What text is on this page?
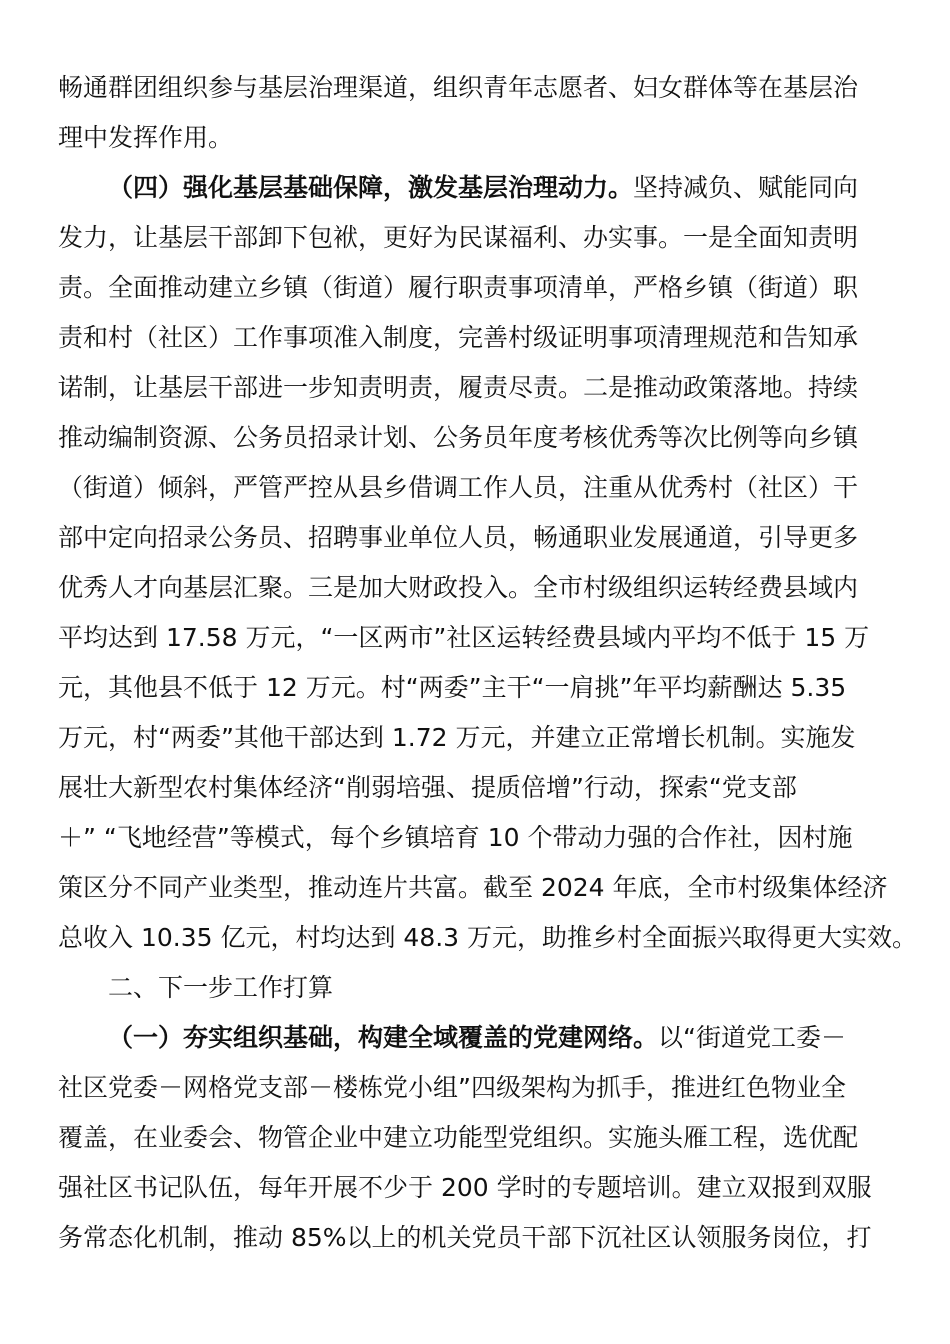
畅通群团组织参与基层治理渠道，组织青年志愿者、妇女群体等在基层治
理中发挥作用。
（四）强化基层基础保障，激发基层治理动力。坚持减负、赋能同向
发力，让基层干部卸下包袱，更好为民谋福利、办实事。一是全面知责明
责。全面推动建立乡镇（街道）履行职责事项清单，严格乡镇（街道）职
责和村（社区）工作事项准入制度，完善村级证明事项清理规范和告知承
诺制，让基层干部进一步知责明责，履责尽责。二是推动政策落地。持续
推动编制资源、公务员招录计划、公务员年度考核优秀等次比例等向乡镇
（街道）倾斜，严管严控从县乡借调工作人员，注重从优秀村（社区）干
部中定向招录公务员、招聘事业单位人员，畅通职业发展通道，引导更多
优秀人才向基层汇聚。三是加大财政投入。全市村级组织运转经费县域内
平均达到 17.58 万元，“一区两市”社区运转经费县域内平均不低于 15 万
元，其他县不低于 12 万元。村“两委”主干“一肩挑”年平均薪酬达 5.35
万元，村“两委”其他干部达到 1.72 万元，并建立正常增长机制。实施发
展壮大新型农村集体经济“削弱培强、提质倍增”行动，探索“党支部
＋” “飞地经营”等模式，每个乡镇培育 10 个带动力强的合作社，因村施
策区分不同产业类型，推动连片共富。截至 2024 年底，全市村级集体经济
总收入 10.35 亿元，村均达到 48.3 万元，助推乡村全面振兴取得更大实效。
二、下一步工作打算
（一）夯实组织基础，构建全域覆盖的党建网络。以“街道党工委－
社区党委－网格党支部－楼栋党小组”四级架构为抓手，推进红色物业全
覆盖，在业委会、物管企业中建立功能型党组织。实施头雁工程，选优配
强社区书记队伍，每年开展不少于 200 学时的专题培训。建立双报到双服
务常态化机制，推动 85%以上的机关党员干部下沉社区认领服务岗位，打
